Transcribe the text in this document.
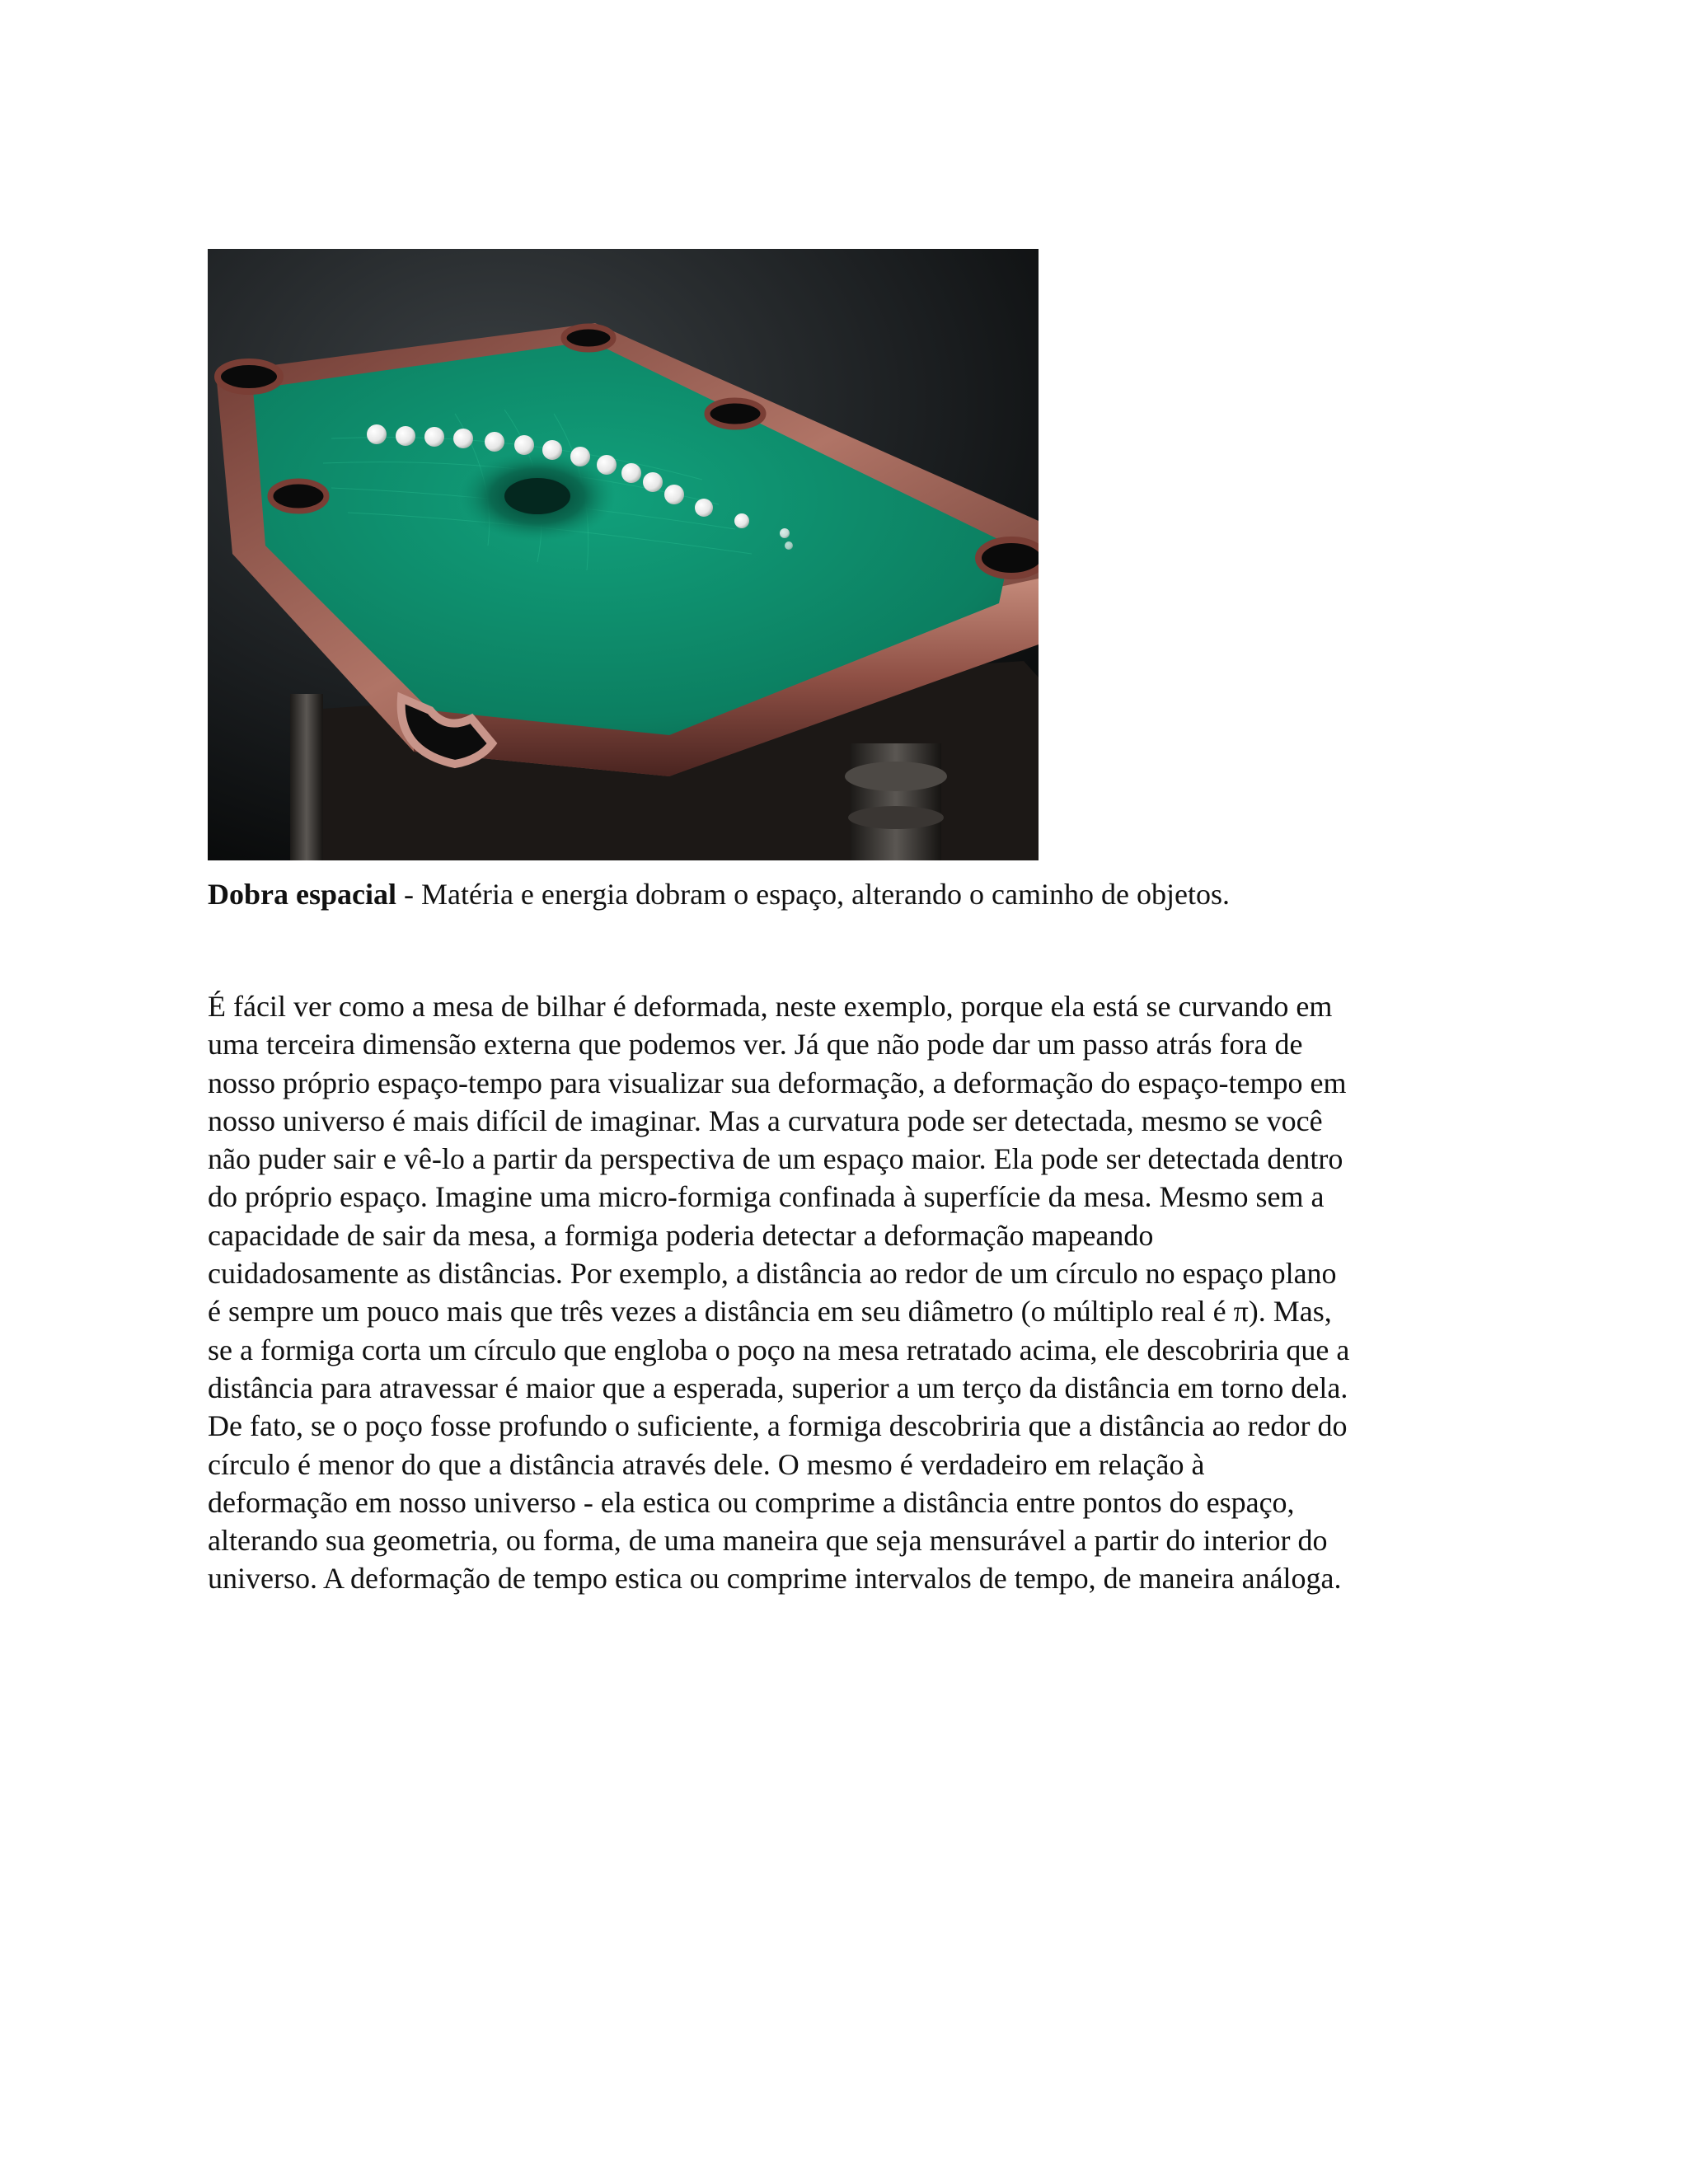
Dobra espacial - Matéria e energia dobram o espaço, alterando o caminho de objetos.
É fácil ver como a mesa de bilhar é deformada, neste exemplo, porque ela está se curvando em
uma terceira dimensão externa que podemos ver. Já que não pode dar um passo atrás fora de
nosso próprio espaço-tempo para visualizar sua deformação, a deformação do espaço-tempo em
nosso universo é mais difícil de imaginar. Mas a curvatura pode ser detectada, mesmo se você
não puder sair e vê-lo a partir da perspectiva de um espaço maior. Ela pode ser detectada dentro
do próprio espaço. Imagine uma micro-formiga confinada à superfície da mesa. Mesmo sem a
capacidade de sair da mesa, a formiga poderia detectar a deformação mapeando
cuidadosamente as distâncias. Por exemplo, a distância ao redor de um círculo no espaço plano
é sempre um pouco mais que três vezes a distância em seu diâmetro (o múltiplo real é π). Mas,
se a formiga corta um círculo que engloba o poço na mesa retratado acima, ele descobriria que a
distância para atravessar é maior que a esperada, superior a um terço da distância em torno dela.
De fato, se o poço fosse profundo o suficiente, a formiga descobriria que a distância ao redor do
círculo é menor do que a distância através dele. O mesmo é verdadeiro em relação à
deformação em nosso universo - ela estica ou comprime a distância entre pontos do espaço,
alterando sua geometria, ou forma, de uma maneira que seja mensurável a partir do interior do
universo. A deformação de tempo estica ou comprime intervalos de tempo, de maneira análoga.
